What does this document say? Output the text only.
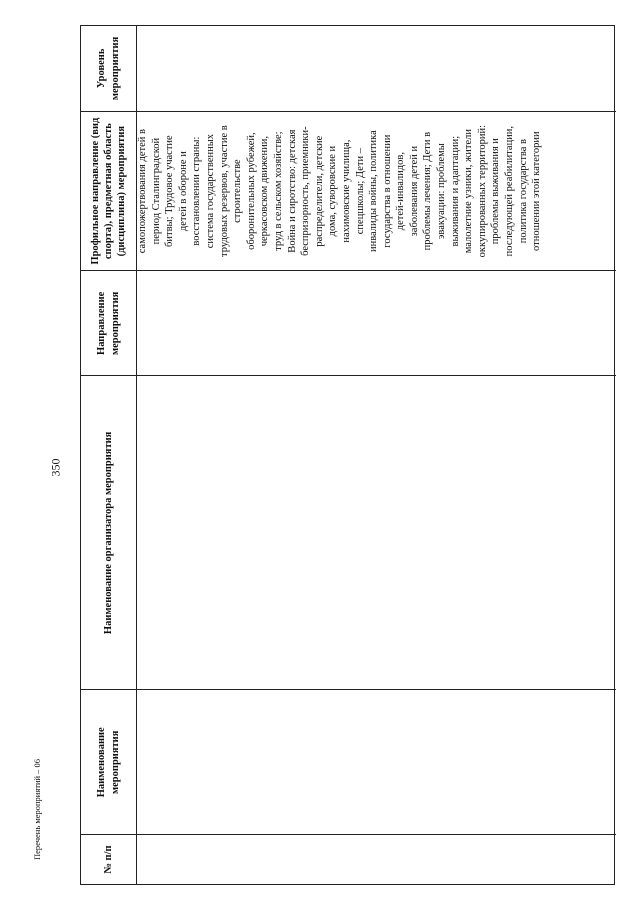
350
Перечень мероприятий – 06	№ п/п
Наименование мероприятия
Наименование организатора мероприятия
Направление мероприятия
Профильное направление (вид спорта), предметная область (дисциплина) мероприятия
Уровень мероприятия
самопожертвования детей в
период Сталинградской
битвы; Трудовое участие
детей в обороне и
восстановлении страны:
система государственных
трудовых резервов, участие в
строительстве
оборонительных рубежей,
черкасовском движении,
труд в сельском хозяйстве;
Война и сиротство: детская
беспризорность, приемники-
распределители, детские
дома, суворовские и
нахимовские училища,
спецшколы; Дети –
инвалиды войны, политика
государства в отношении
детей-инвалидов,
заболевания детей и
проблемы лечения; Дети в
эвакуации: проблемы
выживания и адаптации;
малолетние узники, жители
оккупированных территорий:
проблемы выживания и
последующей реабилитации,
политика государства в
отношении этой категории
